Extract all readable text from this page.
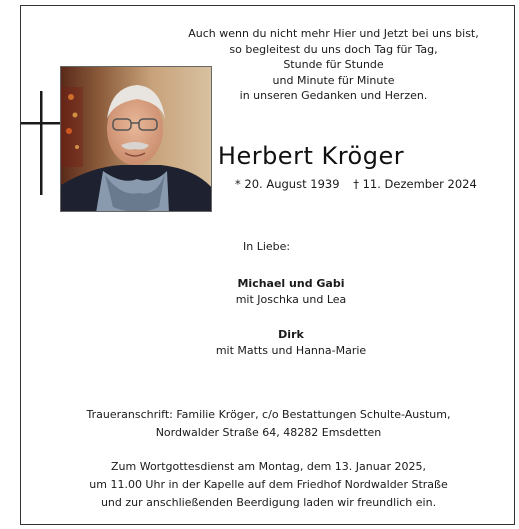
Auch wenn du nicht mehr Hier und Jetzt bei uns bist,
so begleitest du uns doch Tag für Tag,
Stunde für Stunde
und Minute für Minute
in unseren Gedanken und Herzen.
Herbert Kröger
* 20. August 1939 † 11. Dezember 2024
In Liebe:
Michael und Gabi
mit Joschka und Lea
Dirk
mit Matts und Hanna-Marie
Traueranschrift: Familie Kröger, c/o Bestattungen Schulte-Austum,
Nordwalder Straße 64, 48282 Emsdetten
Zum Wortgottesdienst am Montag, dem 13. Januar 2025,
um 11.00 Uhr in der Kapelle auf dem Friedhof Nordwalder Straße
und zur anschließenden Beerdigung laden wir freundlich ein.
